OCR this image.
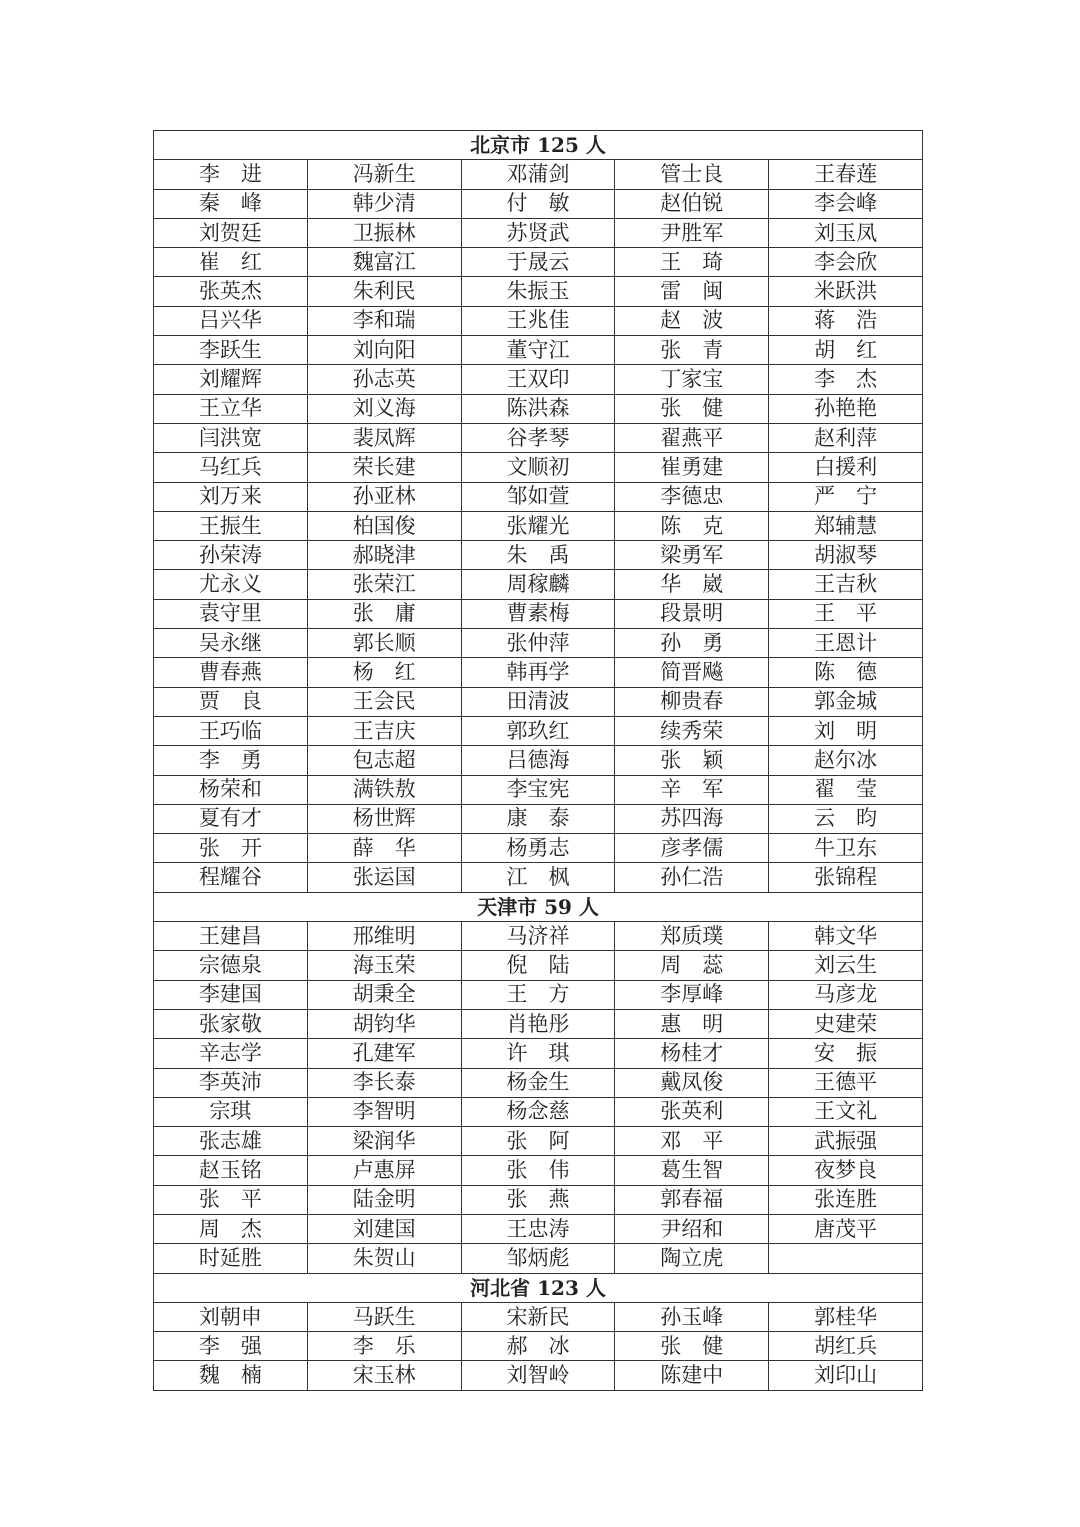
北京市 125 人				
李　进	冯新生	邓蒲剑	管士良	王春莲
秦　峰	韩少清	付　敏	赵伯锐	李会峰
刘贺廷	卫振林	苏贤武	尹胜军	刘玉凤
崔　红	魏富江	于晟云	王　琦	李会欣
张英杰	朱利民	朱振玉	雷　闽	米跃洪
吕兴华	李和瑞	王兆佳	赵　波	蒋　浩
李跃生	刘向阳	董守江	张　青	胡　红
刘耀辉	孙志英	王双印	丁家宝	李　杰
王立华	刘义海	陈洪森	张　健	孙艳艳
闫洪宽	裴凤辉	谷孝琴	翟燕平	赵利萍
马红兵	荣长建	文顺初	崔勇建	白援利
刘万来	孙亚林	邹如萱	李德忠	严　宁
王振生	柏国俊	张耀光	陈　克	郑辅慧
孙荣涛	郝晓津	朱　禹	梁勇军	胡淑琴
尤永义	张荣江	周稼麟	华　崴	王吉秋
袁守里	张　庸	曹素梅	段景明	王　平
吴永继	郭长顺	张仲萍	孙　勇	王恩计
曹春燕	杨　红	韩再学	简晋飚	陈　德
贾　良	王会民	田清波	柳贵春	郭金城
王巧临	王吉庆	郭玖红	续秀荣	刘　明
李　勇	包志超	吕德海	张　颖	赵尔冰
杨荣和	满铁敖	李宝宪	辛　军	翟　莹
夏有才	杨世辉	康　泰	苏四海	云　昀
张　开	薛　华	杨勇志	彦孝儒	牛卫东
程耀谷	张运国	江　枫	孙仁浩	张锦程
天津市 59 人				
王建昌	邢维明	马济祥	郑质璞	韩文华
宗德泉	海玉荣	倪　陆	周　蕊	刘云生
李建国	胡秉全	王　方	李厚峰	马彦龙
张家敬	胡钧华	肖艳彤	惠　明	史建荣
辛志学	孔建军	许　琪	杨桂才	安　振
李英沛	李长泰	杨金生	戴凤俊	王德平
宗琪	李智明	杨念慈	张英利	王文礼
张志雄	梁润华	张　阿	邓　平	武振强
赵玉铭	卢惠屏	张　伟	葛生智	夜梦良
张　平	陆金明	张　燕	郭春福	张连胜
周　杰	刘建国	王忠涛	尹绍和	唐茂平
时延胜	朱贺山	邹炳彪	陶立虎	
河北省 123 人				
刘朝申	马跃生	宋新民	孙玉峰	郭桂华
李　强	李　乐	郝　冰	张　健	胡红兵
魏　楠	宋玉林	刘智岭	陈建中	刘印山
